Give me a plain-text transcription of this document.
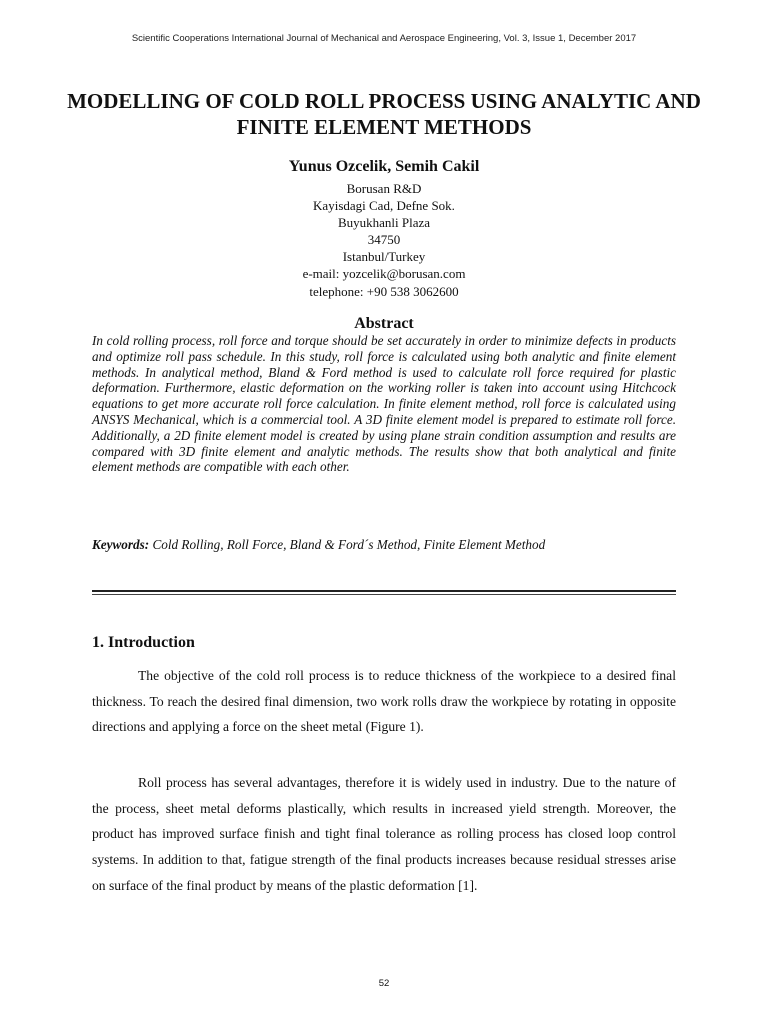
Scientific Cooperations International Journal of Mechanical and Aerospace Engineering, Vol. 3, Issue 1, December 2017
MODELLING OF COLD ROLL PROCESS USING ANALYTIC AND FINITE ELEMENT METHODS
Yunus Ozcelik, Semih Cakil
Borusan R&D
Kayisdagi Cad, Defne Sok.
Buyukhanli Plaza
34750
Istanbul/Turkey
e-mail: yozcelik@borusan.com
telephone: +90 538 3062600
Abstract
In cold rolling process, roll force and torque should be set accurately in order to minimize defects in products and optimize roll pass schedule. In this study, roll force is calculated using both analytic and finite element methods. In analytical method, Bland & Ford method is used to calculate roll force required for plastic deformation. Furthermore, elastic deformation on the working roller is taken into account using Hitchcock equations to get more accurate roll force calculation. In finite element method, roll force is calculated using ANSYS Mechanical, which is a commercial tool. A 3D finite element model is prepared to estimate roll force. Additionally, a 2D finite element model is created by using plane strain condition assumption and results are compared with 3D finite element and analytic methods. The results show that both analytical and finite element methods are compatible with each other.
Keywords: Cold Rolling, Roll Force, Bland & Ford´s Method, Finite Element Method
1. Introduction
The objective of the cold roll process is to reduce thickness of the workpiece to a desired final thickness. To reach the desired final dimension, two work rolls draw the workpiece by rotating in opposite directions and applying a force on the sheet metal (Figure 1).
Roll process has several advantages, therefore it is widely used in industry. Due to the nature of the process, sheet metal deforms plastically, which results in increased yield strength. Moreover, the product has improved surface finish and tight final tolerance as rolling process has closed loop control systems. In addition to that, fatigue strength of the final products increases because residual stresses arise on surface of the final product by means of the plastic deformation [1].
52
